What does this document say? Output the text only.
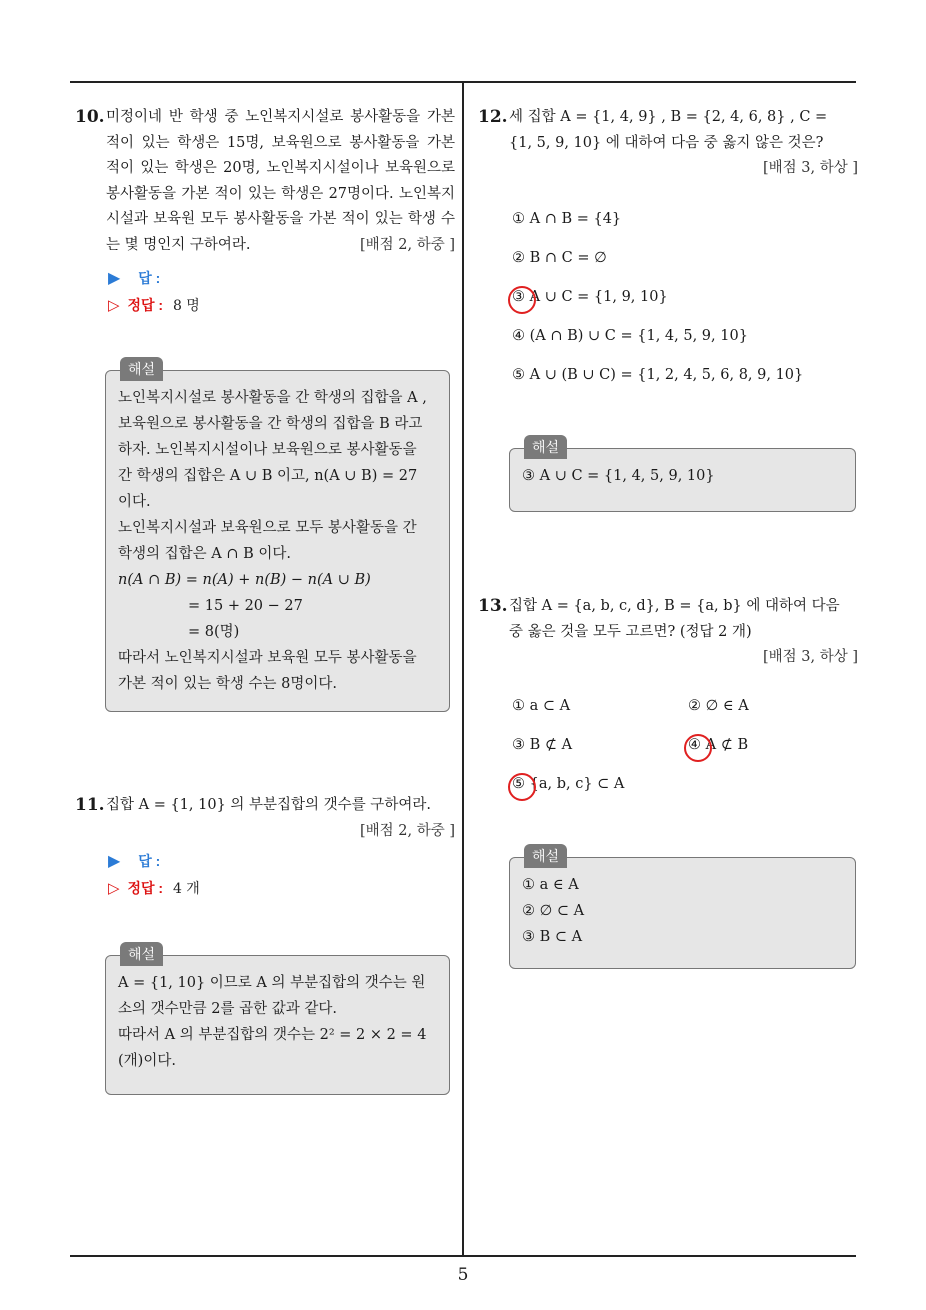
5
10. 미정이네 반 학생 중 노인복지시설로 봉사활동을 가본 적이 있는 학생은 15명, 보육원으로 봉사활동을 가본 적이 있는 학생은 20명, 노인복지시설이나 보육원으로 봉사활동을 가본 적이 있는 학생은 27명이다. 노인복지시설과 보육원 모두 봉사활동을 가본 적이 있는 학생 수는 몇 명인지 구하여라.	[배점 2, 하중 ]
▶ 답 :
▷ 정답 : 8 명
해설
노인복지시설로 봉사활동을 간 학생의 집합을 A ,
보육원으로 봉사활동을 간 학생의 집합을 B 라고
하자. 노인복지시설이나 보육원으로 봉사활동을
간 학생의 집합은 A ∪ B 이고, n(A ∪ B) = 27
이다.
노인복지시설과 보육원으로 모두 봉사활동을 간
학생의 집합은 A ∩ B 이다.
n(A ∩ B) = n(A) + n(B) − n(A ∪ B)
= 15 + 20 − 27
= 8(명)
따라서 노인복지시설과 보육원 모두 봉사활동을
가본 적이 있는 학생 수는 8명이다.
11. 집합 A = {1, 10} 의 부분집합의 갯수를 구하여라.
[배점 2, 하중 ]
▶ 답 :
▷ 정답 : 4 개
해설
A = {1, 10} 이므로 A 의 부분집합의 갯수는 원
소의 갯수만큼 2를 곱한 값과 같다.
따라서 A 의 부분집합의 갯수는 2² = 2 × 2 = 4
(개)이다.
12. 세 집합 A = {1, 4, 9} , B = {2, 4, 6, 8} , C =
{1, 5, 9, 10} 에 대하여 다음 중 옳지 않은 것은?
[배점 3, 하상 ]
① A ∩ B = {4}
② B ∩ C = ∅
③ A ∪ C = {1, 9, 10}
④ (A ∩ B) ∪ C = {1, 4, 5, 9, 10}
⑤ A ∪ (B ∪ C) = {1, 2, 4, 5, 6, 8, 9, 10}
해설
③ A ∪ C = {1, 4, 5, 9, 10}
13. 집합 A = {a, b, c, d}, B = {a, b} 에 대하여 다음
중 옳은 것을 모두 고르면? (정답 2 개)
[배점 3, 하상 ]
① a ⊂ A	② ∅ ∈ A
③ B ⊄ A	④ A ⊄ B
⑤ {a, b, c} ⊂ A
해설
① a ∈ A
② ∅ ⊂ A
③ B ⊂ A
